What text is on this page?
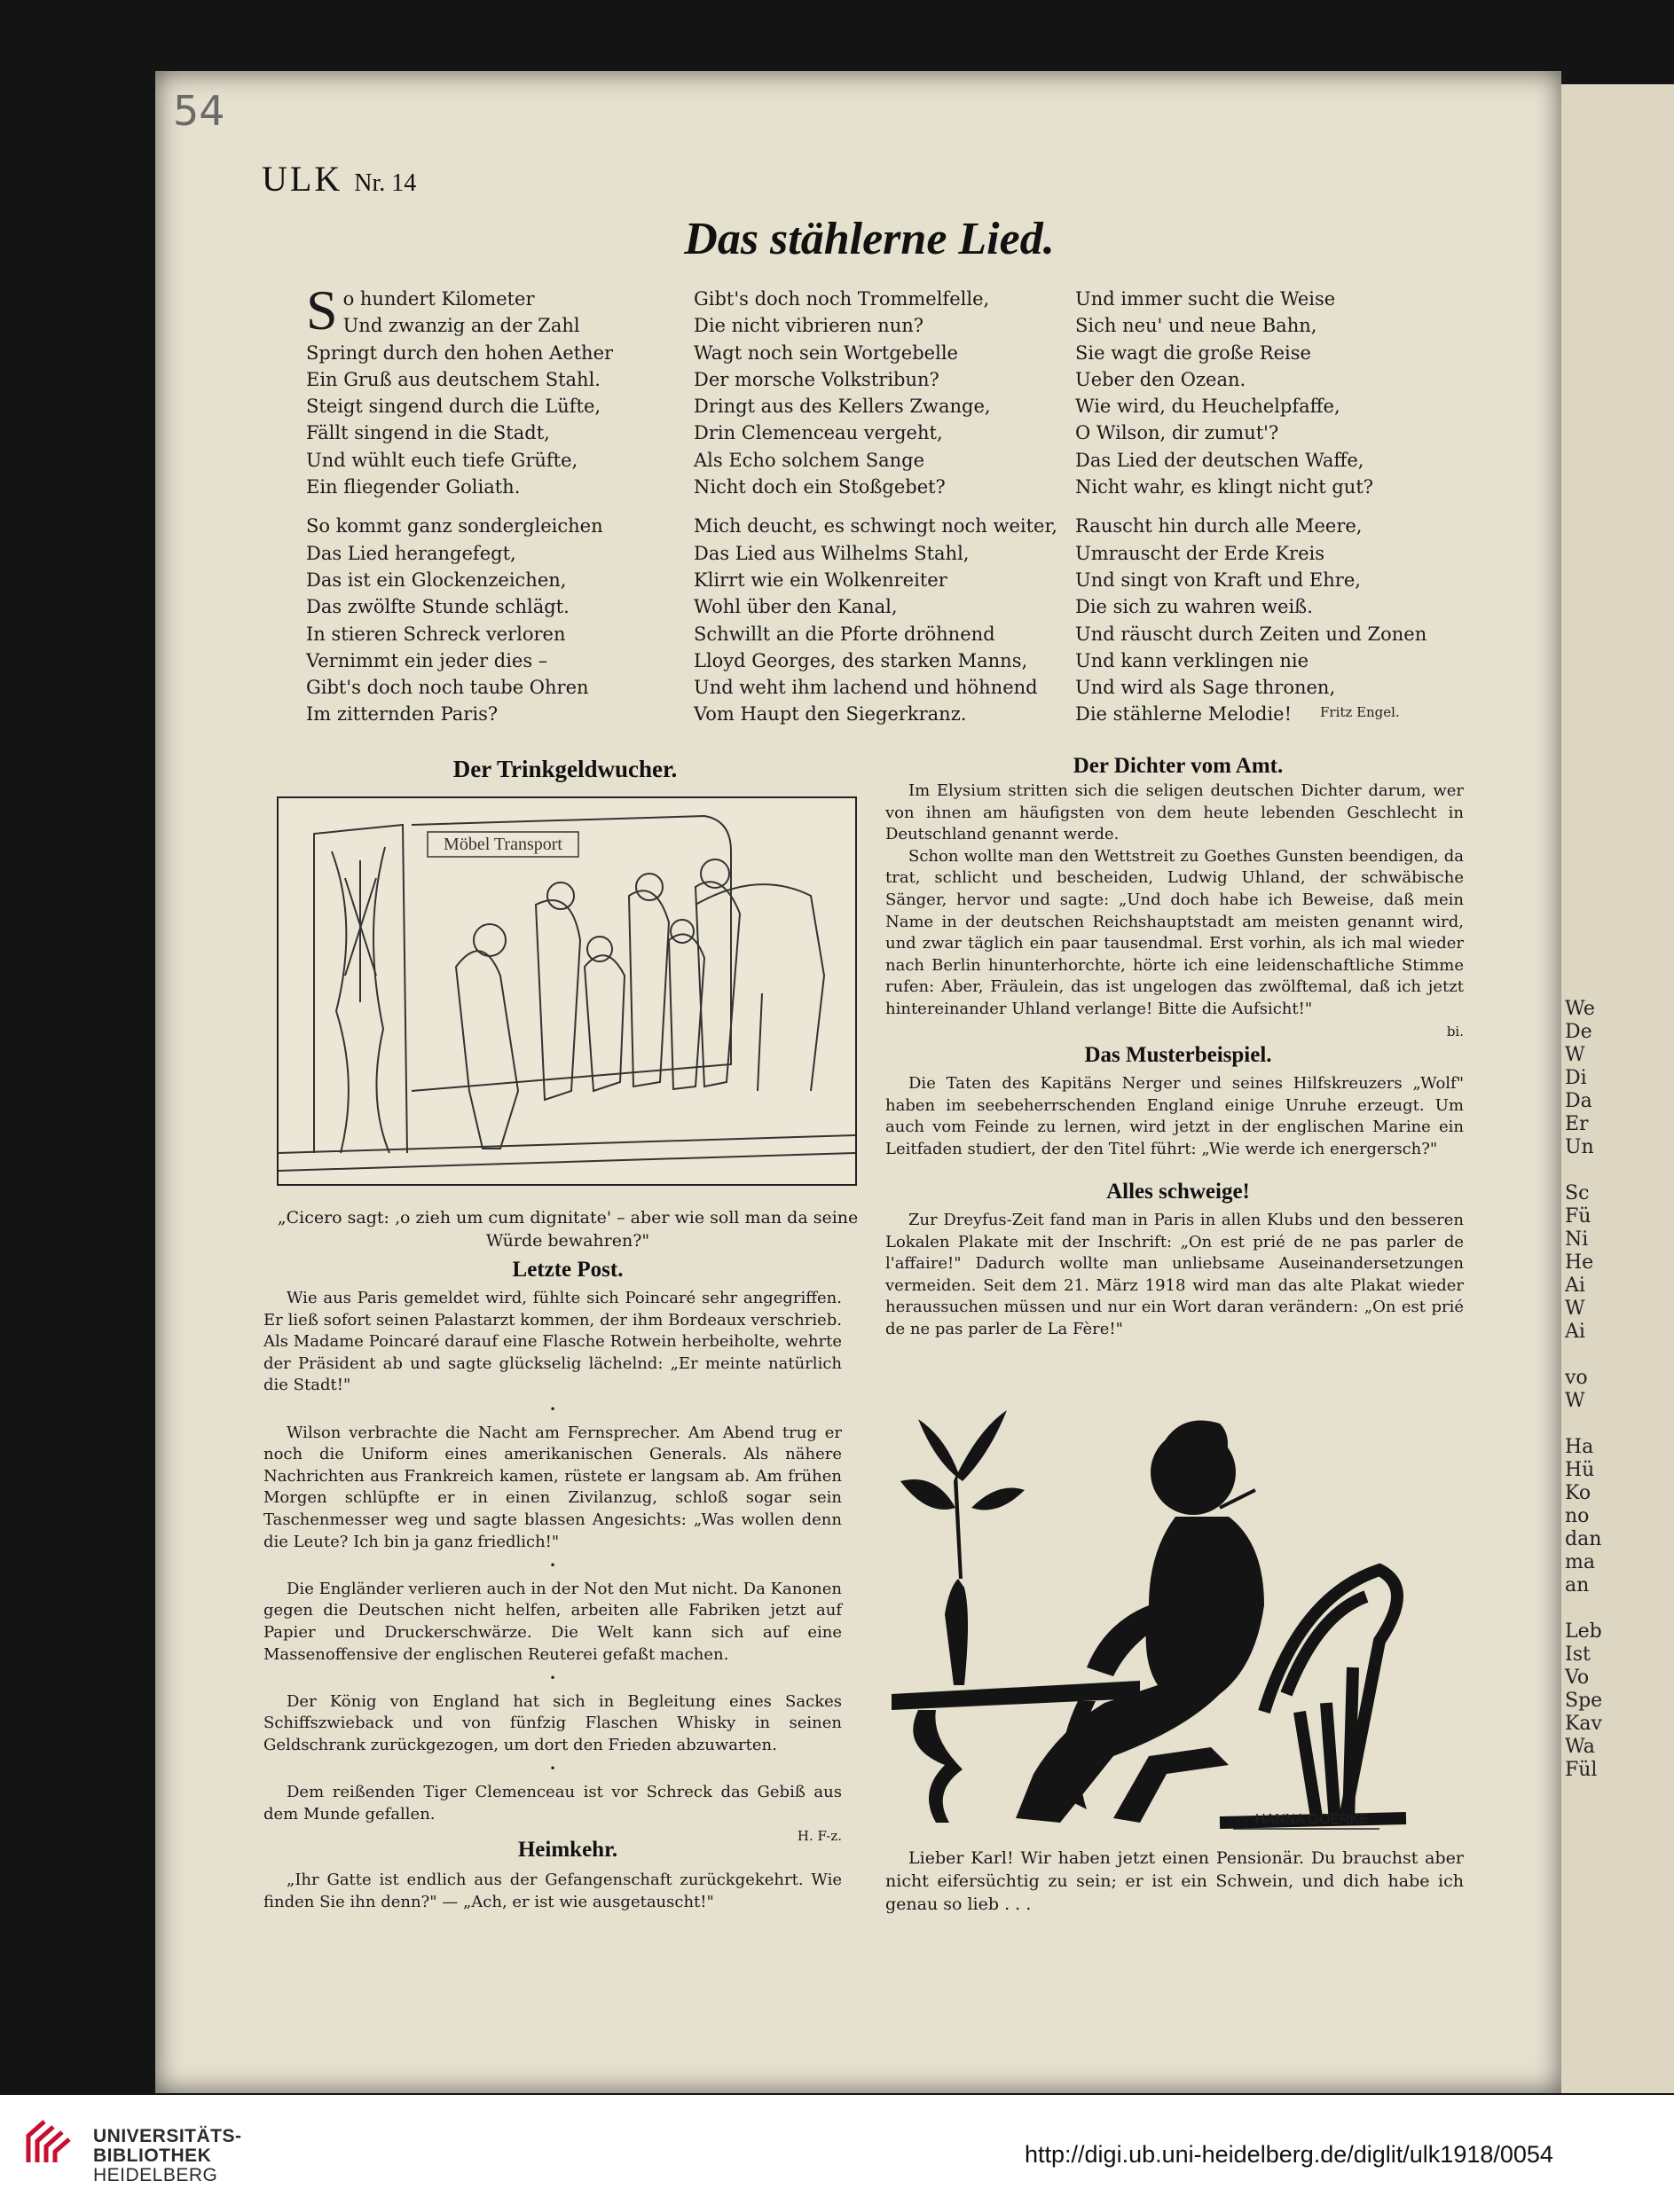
We
De
W
Di
Da
Er
Un
Sc
Fü
Ni
He
Ai
W
Ai
vo
W
Ha
Hü
Ko
no
dan
ma
an
Leb
Ist
Vo
Spe
Kav
Wa
Fül
54
ULK Nr. 14
Das stählerne Lied.
So hundert Kilometer
Und zwanzig an der Zahl
Springt durch den hohen Aether
Ein Gruß aus deutschem Stahl.
Steigt singend durch die Lüfte,
Fällt singend in die Stadt,
Und wühlt euch tiefe Grüfte,
Ein fliegender Goliath.
So kommt ganz sondergleichen
Das Lied herangefegt,
Das ist ein Glockenzeichen,
Das zwölfte Stunde schlägt.
In stieren Schreck verloren
Vernimmt ein jeder dies –
Gibt's doch noch taube Ohren
Im zitternden Paris?
Gibt's doch noch Trommelfelle,
Die nicht vibrieren nun?
Wagt noch sein Wortgebelle
Der morsche Volkstribun?
Dringt aus des Kellers Zwange,
Drin Clemenceau vergeht,
Als Echo solchem Sange
Nicht doch ein Stoßgebet?
Mich deucht, es schwingt noch weiter,
Das Lied aus Wilhelms Stahl,
Klirrt wie ein Wolkenreiter
Wohl über den Kanal,
Schwillt an die Pforte dröhnend
Lloyd Georges, des starken Manns,
Und weht ihm lachend und höhnend
Vom Haupt den Siegerkranz.
Und immer sucht die Weise
Sich neu' und neue Bahn,
Sie wagt die große Reise
Ueber den Ozean.
Wie wird, du Heuchelpfaffe,
O Wilson, dir zumut'?
Das Lied der deutschen Waffe,
Nicht wahr, es klingt nicht gut?
Rauscht hin durch alle Meere,
Umrauscht der Erde Kreis
Und singt von Kraft und Ehre,
Die sich zu wahren weiß.
Und räuscht durch Zeiten und Zonen
Und kann verklingen nie
Und wird als Sage thronen,
Die stählerne Melodie!	Fritz Engel.
Der Trinkgeldwucher.
Möbel Transport
„Cicero sagt: ‚o zieh um cum dignitate' – aber wie soll man da seine Würde bewahren?"
Letzte Post.

Wie aus Paris gemeldet wird, fühlte sich Poincaré sehr angegriffen. Er ließ sofort seinen Palastarzt kommen, der ihm Bordeaux verschrieb. Als Madame Poincaré darauf eine Flasche Rotwein herbeiholte, wehrte der Präsident ab und sagte glückselig lächelnd: „Er meinte natürlich die Stadt!"

•

Wilson verbrachte die Nacht am Fernsprecher. Am Abend trug er noch die Uniform eines amerikanischen Generals. Als nähere Nachrichten aus Frankreich kamen, rüstete er langsam ab. Am frühen Morgen schlüpfte er in einen Zivilanzug, schloß sogar sein Taschenmesser weg und sagte blassen Angesichts: „Was wollen denn die Leute? Ich bin ja ganz friedlich!"

•

Die Engländer verlieren auch in der Not den Mut nicht. Da Kanonen gegen die Deutschen nicht helfen, arbeiten alle Fabriken jetzt auf Papier und Druckerschwärze. Die Welt kann sich auf eine Massenoffensive der englischen Reuterei gefaßt machen.

•

Der König von England hat sich in Begleitung eines Sackes Schiffszwieback und von fünfzig Flaschen Whisky in seinen Geldschrank zurückgezogen, um dort den Frieden abzuwarten.

•

Dem reißenden Tiger Clemenceau ist vor Schreck das Gebiß aus dem Munde gefallen.

H. F-z.
Heimkehr.

„Ihr Gatte ist endlich aus der Gefangenschaft zurückgekehrt. Wie finden Sie ihn denn?" — „Ach, er ist wie ausgetauscht!"

Der Dichter vom Amt.

Im Elysium stritten sich die seligen deutschen Dichter darum, wer von ihnen am häufigsten von dem heute lebenden Geschlecht in Deutschland genannt werde.

Schon wollte man den Wettstreit zu Goethes Gunsten beendigen, da trat, schlicht und bescheiden, Ludwig Uhland, der schwäbische Sänger, hervor und sagte: „Und doch habe ich Beweise, daß mein Name in der deutschen Reichshauptstadt am meisten genannt wird, und zwar täglich ein paar tausendmal. Erst vorhin, als ich mal wieder nach Berlin hinunterhorchte, hörte ich eine leidenschaftliche Stimme rufen: Aber, Fräulein, das ist ungelogen das zwölftemal, daß ich jetzt hintereinander Uhland verlange! Bitte die Aufsicht!"

bi.
Das Musterbeispiel.

Die Taten des Kapitäns Nerger und seines Hilfskreuzers „Wolf" haben im seebeherrschenden England einige Unruhe erzeugt. Um auch vom Feinde zu lernen, wird jetzt in der englischen Marine ein Leitfaden studiert, der den Titel führt: „Wie werde ich energersch?"

Alles schweige!

Zur Dreyfus-Zeit fand man in Paris in allen Klubs und den besseren Lokalen Plakate mit der Inschrift: „On est prié de ne pas parler de l'affaire!" Dadurch wollte man unliebsame Auseinandersetzungen vermeiden. Seit dem 21. März 1918 wird man das alte Plakat wieder heraussuchen müssen und nur ein Wort daran verändern: „On est prié de ne pas parler de La Fère!"

HANNA GOERKE

Lieber Karl! Wir haben jetzt einen Pensionär. Du brauchst aber nicht eifersüchtig zu sein; er ist ein Schwein, und dich habe ich genau so lieb . . .

UNIVERSITÄTS-
BIBLIOTHEK
HEIDELBERG
http://digi.ub.uni-heidelberg.de/diglit/ulk1918/0054
